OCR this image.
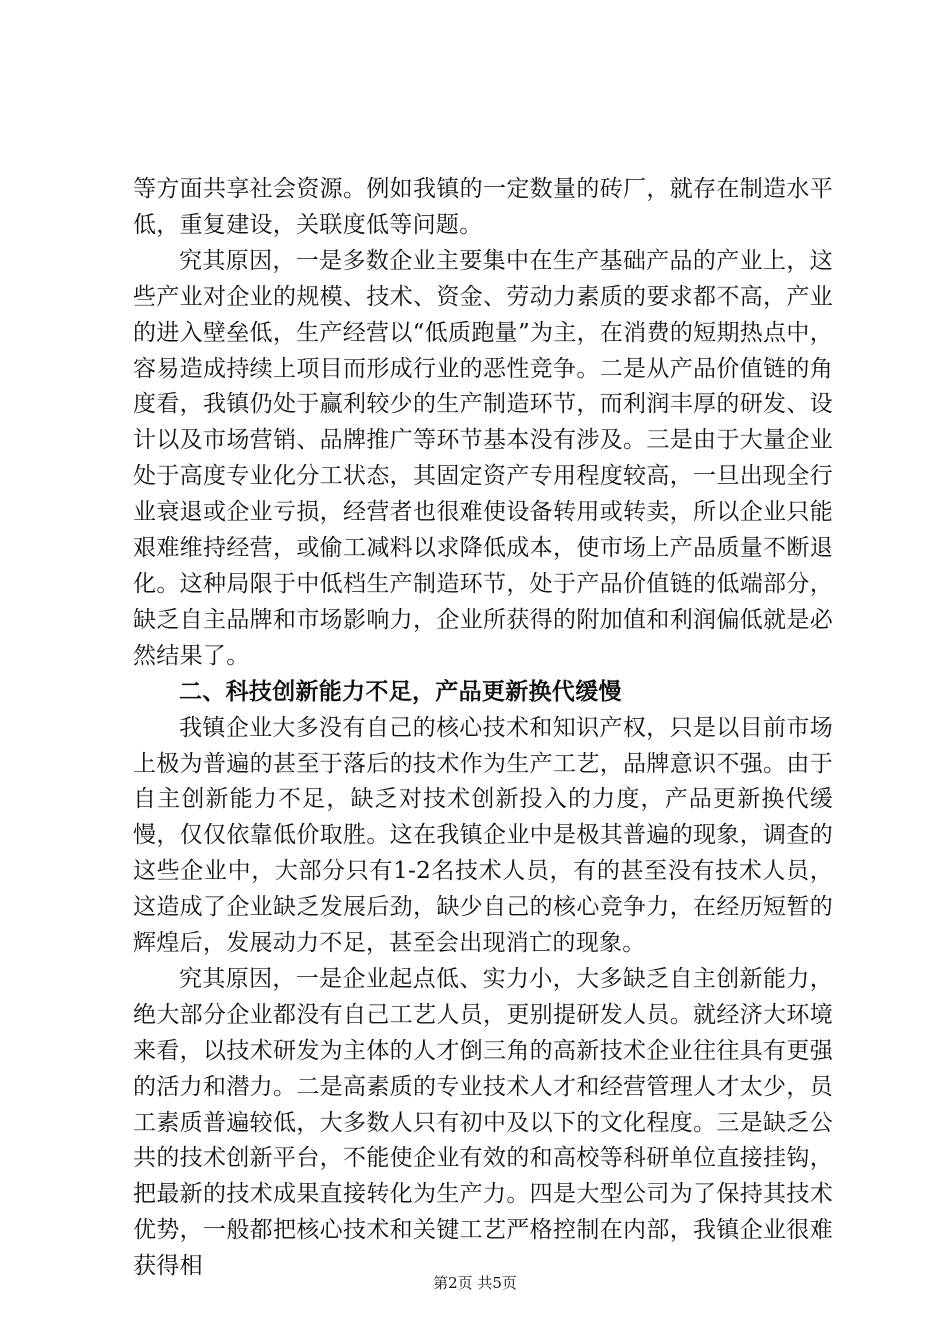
等方面共享社会资源。例如我镇的一定数量的砖厂，就存在制造水平低，重复建设，关联度低等问题。

究其原因，一是多数企业主要集中在生产基础产品的产业上，这些产业对企业的规模、技术、资金、劳动力素质的要求都不高，产业的进入壁垒低，生产经营以“低质跑量”为主，在消费的短期热点中，容易造成持续上项目而形成行业的恶性竞争。二是从产品价值链的角度看，我镇仍处于赢利较少的生产制造环节，而利润丰厚的研发、设计以及市场营销、品牌推广等环节基本没有涉及。三是由于大量企业处于高度专业化分工状态，其固定资产专用程度较高，一旦出现全行业衰退或企业亏损，经营者也很难使设备转用或转卖，所以企业只能艰难维持经营，或偷工减料以求降低成本，使市场上产品质量不断退化。这种局限于中低档生产制造环节，处于产品价值链的低端部分，缺乏自主品牌和市场影响力，企业所获得的附加值和利润偏低就是必然结果了。

二、科技创新能力不足，产品更新换代缓慢

我镇企业大多没有自己的核心技术和知识产权，只是以目前市场上极为普遍的甚至于落后的技术作为生产工艺，品牌意识不强。由于自主创新能力不足，缺乏对技术创新投入的力度，产品更新换代缓慢，仅仅依靠低价取胜。这在我镇企业中是极其普遍的现象，调查的这些企业中，大部分只有1-2名技术人员，有的甚至没有技术人员，这造成了企业缺乏发展后劲，缺少自己的核心竞争力，在经历短暂的辉煌后，发展动力不足，甚至会出现消亡的现象。

究其原因，一是企业起点低、实力小，大多缺乏自主创新能力，绝大部分企业都没有自己工艺人员，更别提研发人员。就经济大环境来看，以技术研发为主体的人才倒三角的高新技术企业往往具有更强的活力和潜力。二是高素质的专业技术人才和经营管理人才太少，员工素质普遍较低，大多数人只有初中及以下的文化程度。三是缺乏公共的技术创新平台，不能使企业有效的和高校等科研单位直接挂钩，把最新的技术成果直接转化为生产力。四是大型公司为了保持其技术优势，一般都把核心技术和关键工艺严格控制在内部，我镇企业很难获得相

第2页 共5页
